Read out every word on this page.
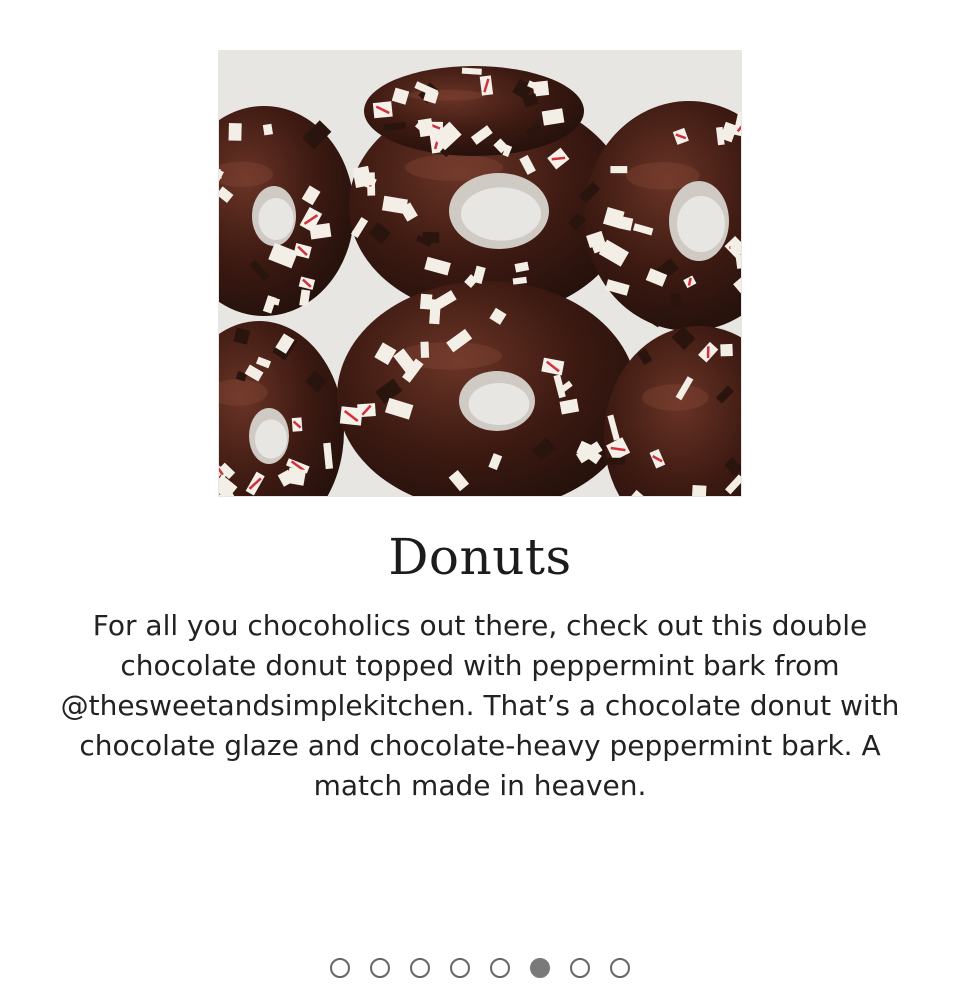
Donuts

For all you chocoholics out there, check out this double chocolate donut topped with peppermint bark from @thesweetandsimplekitchen. That’s a chocolate donut with chocolate glaze and chocolate-heavy peppermint bark. A match made in heaven.
